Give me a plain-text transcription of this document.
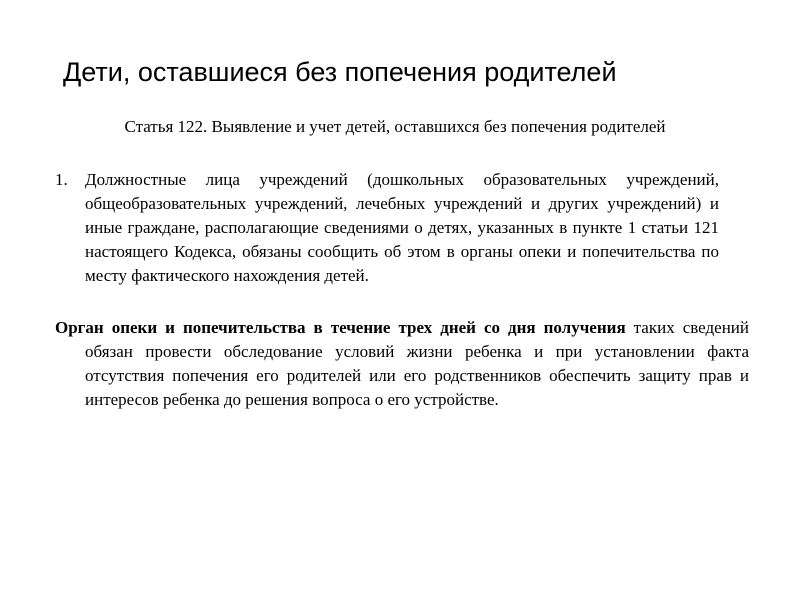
Дети, оставшиеся без попечения родителей

Статья 122. Выявление и учет детей, оставшихся без попечения родителей

1.	Должностные лица учреждений (дошкольных образовательных учреждений, общеобразовательных учреждений, лечебных учреждений и других учреждений) и иные граждане, располагающие сведениями о детях, указанных в пункте 1 статьи 121 настоящего Кодекса, обязаны сообщить об этом в органы опеки и попечительства по месту фактического нахождения детей.

Орган опеки и попечительства в течение трех дней со дня получения таких сведений обязан провести обследование условий жизни ребенка и при установлении факта отсутствия попечения его родителей или его родственников обеспечить защиту прав и интересов ребенка до решения вопроса о его устройстве.
